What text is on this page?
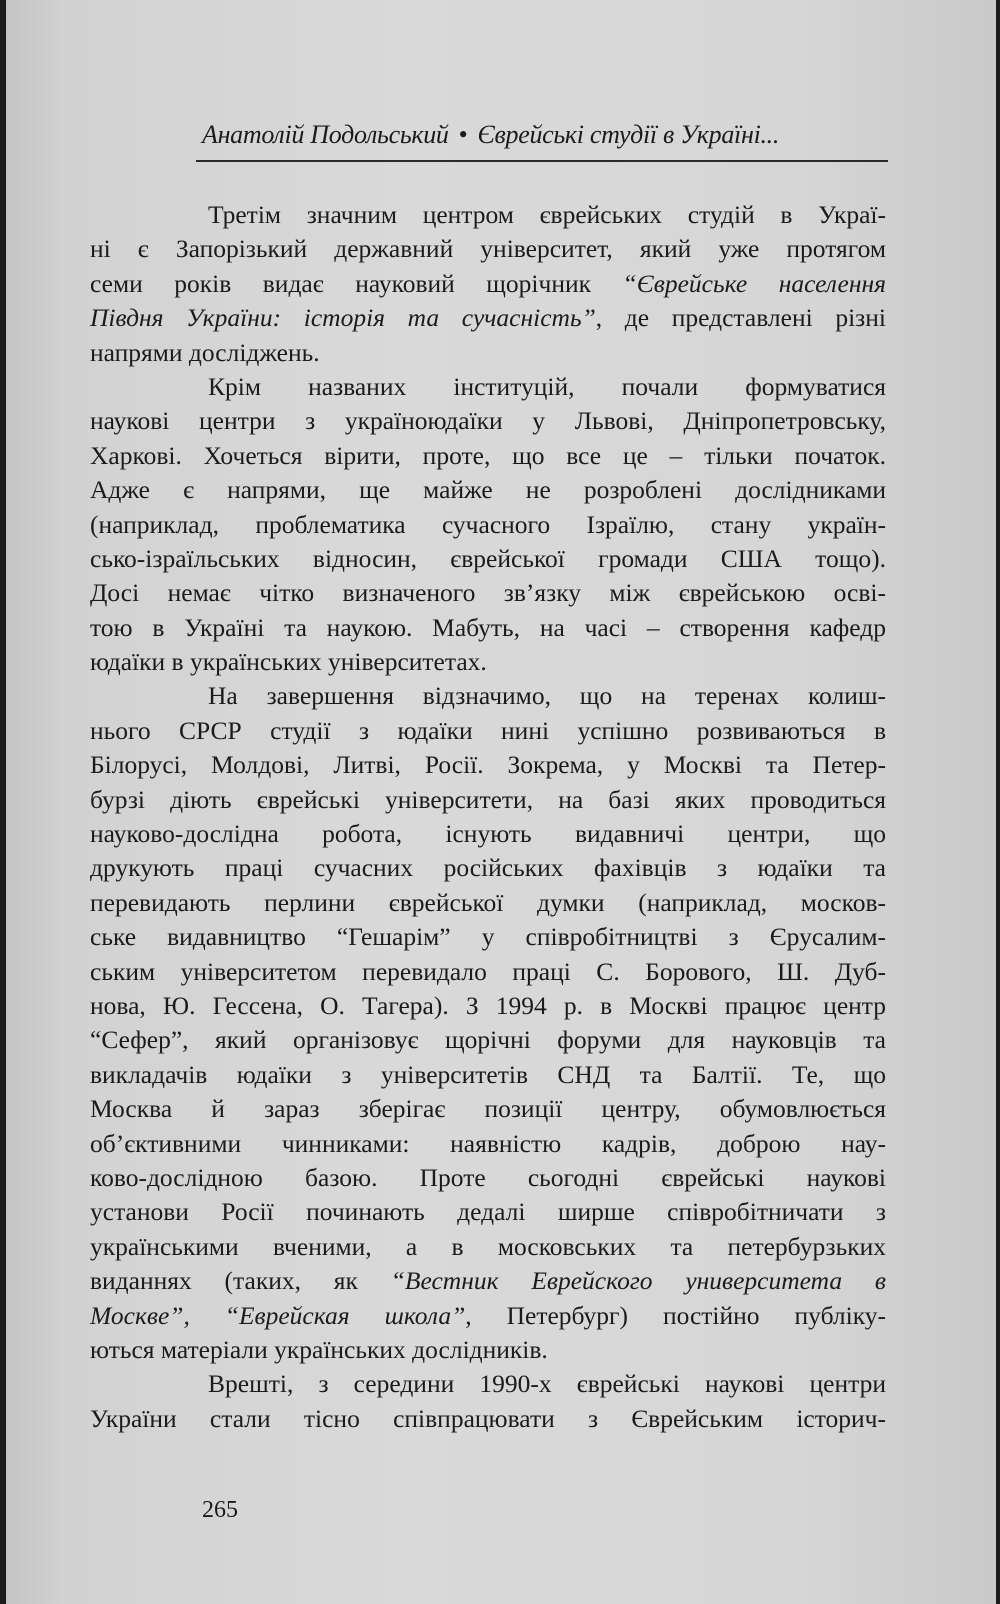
Анатолій Подольський • Єврейські студії в Україні...
Третім значним центром єврейських студій в Украї-
ні є Запорізький державний університет, який уже протягом
семи років видає науковий щорічник “Єврейське населення
Півдня України: історія та сучасність”, де представлені різні
напрями досліджень.
Крім названих інституцій, почали формуватися
наукові центри з україноюдаїки у Львові, Дніпропетровську,
Харкові. Хочеться вірити, проте, що все це – тільки початок.
Адже є напрями, ще майже не розроблені дослідниками
(наприклад, проблематика сучасного Ізраїлю, стану україн-
сько-ізраїльських відносин, єврейської громади США тощо).
Досі немає чітко визначеного зв’язку між єврейською осві-
тою в Україні та наукою. Мабуть, на часі – створення кафедр
юдаїки в українських університетах.
На завершення відзначимо, що на теренах колиш-
нього СРСР студії з юдаїки нині успішно розвиваються в
Білорусі, Молдові, Литві, Росії. Зокрема, у Москві та Петер-
бурзі діють єврейські університети, на базі яких проводиться
науково-дослідна робота, існують видавничі центри, що
друкують праці сучасних російських фахівців з юдаїки та
перевидають перлини єврейської думки (наприклад, москов-
ське видавництво “Гешарім” у співробітництві з Єрусалим-
ським університетом перевидало праці С. Борового, Ш. Дуб-
нова, Ю. Гессена, О. Тагера). З 1994 р. в Москві працює центр
“Сефер”, який організовує щорічні форуми для науковців та
викладачів юдаїки з університетів СНД та Балтії. Те, що
Москва й зараз зберігає позиції центру, обумовлюється
об’єктивними чинниками: наявністю кадрів, доброю нау-
ково-дослідною базою. Проте сьогодні єврейські наукові
установи Росії починають дедалі ширше співробітничати з
українськими вченими, а в московських та петербурзьких
виданнях (таких, як “Вестник Еврейского университета в
Москве”, “Еврейская школа”, Петербург) постійно публіку-
ються матеріали українських дослідників.
Врешті, з середини 1990-х єврейські наукові центри
України стали тісно співпрацювати з Єврейським історич-
265
